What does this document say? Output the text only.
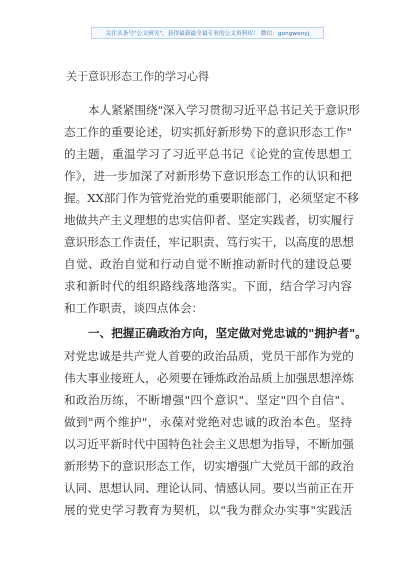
关注头条号"公文研究"，获得最新最全最专业的公文资料库！ 微信：gongwenyj
关于意识形态工作的学习心得
本人紧紧围绕"深入学习贯彻习近平总书记关于意识形
态工作的重要论述，切实抓好新形势下的意识形态工作"
的主题，重温学习了习近平总书记《论党的宣传思想工
作》，进一步加深了对新形势下意识形态工作的认识和把
握。XX部门作为管党治党的重要职能部门，必须坚定不移
地做共产主义理想的忠实信仰者、坚定实践者，切实履行
意识形态工作责任，牢记职责、笃行实干，以高度的思想
自觉、政治自觉和行动自觉不断推动新时代的建设总要
求和新时代的组织路线落地落实。下面，结合学习内容
和工作职责，谈四点体会：
一、把握正确政治方向，坚定做对党忠诚的"拥护者"。
对党忠诚是共产党人首要的政治品质，党员干部作为党的
伟大事业接班人，必须要在锤炼政治品质上加强思想淬炼
和政治历练，不断增强"四个意识"、坚定"四个自信"、
做到"两个维护"，永葆对党绝对忠诚的政治本色。坚持
以习近平新时代中国特色社会主义思想为指导，不断加强
新形势下的意识形态工作，切实增强广大党员干部的政治
认同、思想认同、理论认同、情感认同。要以当前正在开
展的党史学习教育为契机，以"我为群众办实事"实践活
